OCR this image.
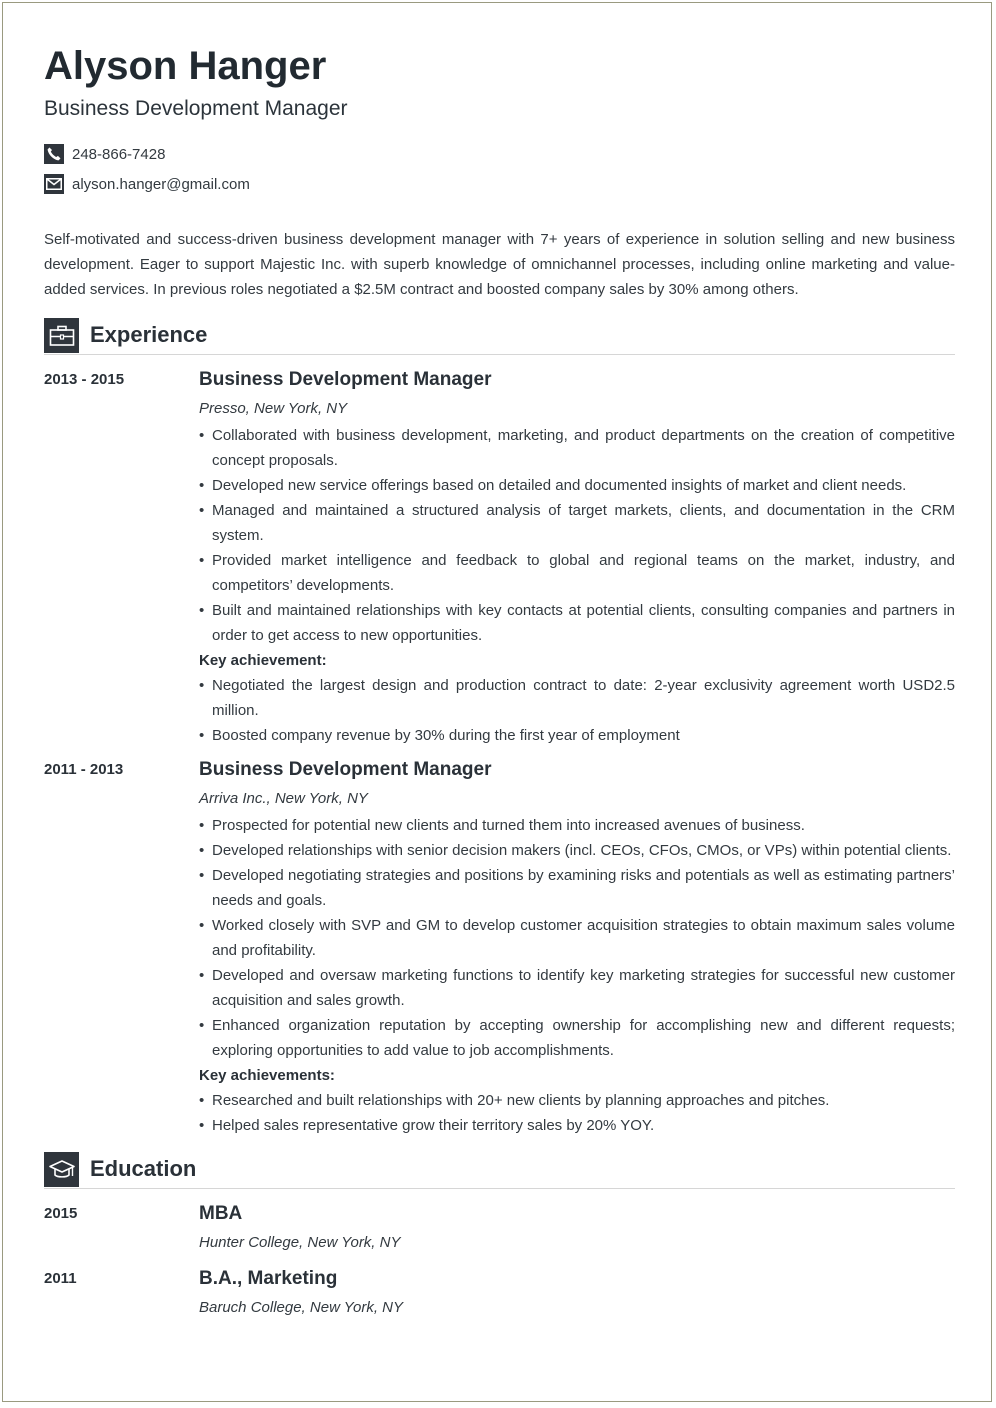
Alyson Hanger
Business Development Manager
248-866-7428
alyson.hanger@gmail.com
Self-motivated and success-driven business development manager with 7+ years of experience in solution selling and new business development. Eager to support Majestic Inc. with superb knowledge of omnichannel processes, including online marketing and value-added services. In previous roles negotiated a $2.5M contract and boosted company sales by 30% among others.
Experience
2013 - 2015	Business Development Manager
Presso, New York, NY
• Collaborated with business development, marketing, and product departments on the creation of competitive concept proposals.
• Developed new service offerings based on detailed and documented insights of market and client needs.
• Managed and maintained a structured analysis of target markets, clients, and documentation in the CRM system.
• Provided market intelligence and feedback to global and regional teams on the market, industry, and competitors’ developments.
• Built and maintained relationships with key contacts at potential clients, consulting companies and partners in order to get access to new opportunities.
Key achievement:
• Negotiated the largest design and production contract to date: 2-year exclusivity agreement worth USD2.5 million.
• Boosted company revenue by 30% during the first year of employment
2011 - 2013	Business Development Manager
Arriva Inc., New York, NY
• Prospected for potential new clients and turned them into increased avenues of business.
• Developed relationships with senior decision makers (incl. CEOs, CFOs, CMOs, or VPs) within potential clients.
• Developed negotiating strategies and positions by examining risks and potentials as well as estimating partners’ needs and goals.
• Worked closely with SVP and GM to develop customer acquisition strategies to obtain maximum sales volume and profitability.
• Developed and oversaw marketing functions to identify key marketing strategies for successful new customer acquisition and sales growth.
• Enhanced organization reputation by accepting ownership for accomplishing new and different requests; exploring opportunities to add value to job accomplishments.
Key achievements:
• Researched and built relationships with 20+ new clients by planning approaches and pitches.
• Helped sales representative grow their territory sales by 20% YOY.
Education
2015	MBA
Hunter College, New York, NY
2011	B.A., Marketing
Baruch College, New York, NY
